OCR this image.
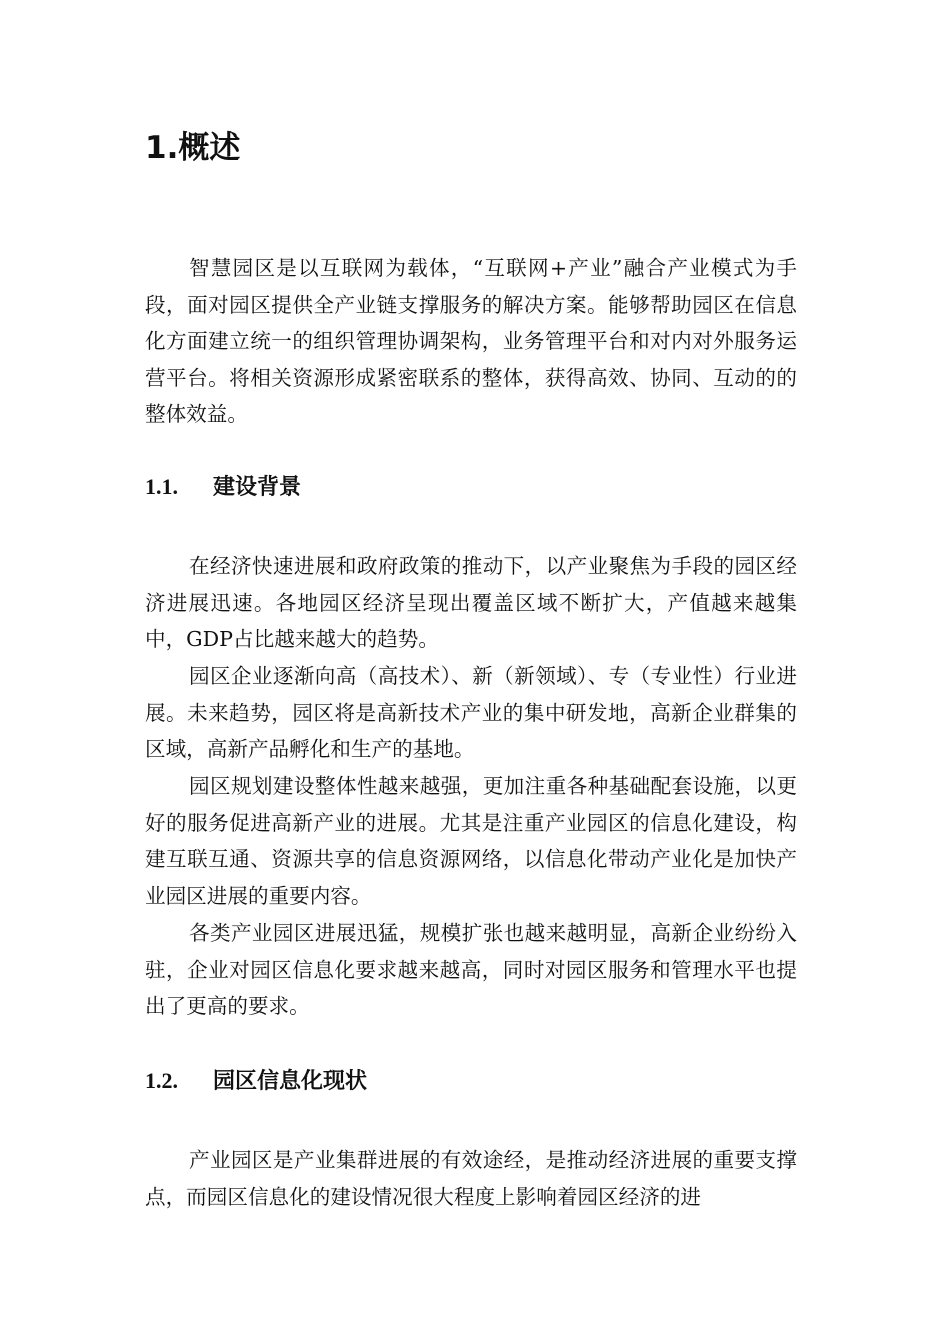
1.概述

智慧园区是以互联网为载体，“互联网+产业”融合产业模式为手段，面对园区提供全产业链支撑服务的解决方案。能够帮助园区在信息化方面建立统一的组织管理协调架构，业务管理平台和对内对外服务运营平台。将相关资源形成紧密联系的整体，获得高效、协同、互动的的整体效益。

1.1. 建设背景

在经济快速进展和政府政策的推动下，以产业聚焦为手段的园区经济进展迅速。各地园区经济呈现出覆盖区域不断扩大，产值越来越集中，GDP占比越来越大的趋势。

园区企业逐渐向高（高技术）、新（新领域）、专（专业性）行业进展。未来趋势，园区将是高新技术产业的集中研发地，高新企业群集的区域，高新产品孵化和生产的基地。

园区规划建设整体性越来越强，更加注重各种基础配套设施，以更好的服务促进高新产业的进展。尤其是注重产业园区的信息化建设，构建互联互通、资源共享的信息资源网络，以信息化带动产业化是加快产业园区进展的重要内容。

各类产业园区进展迅猛，规模扩张也越来越明显，高新企业纷纷入驻，企业对园区信息化要求越来越高，同时对园区服务和管理水平也提出了更高的要求。

1.2. 园区信息化现状

产业园区是产业集群进展的有效途经，是推动经济进展的重要支撑点，而园区信息化的建设情况很大程度上影响着园区经济的进
